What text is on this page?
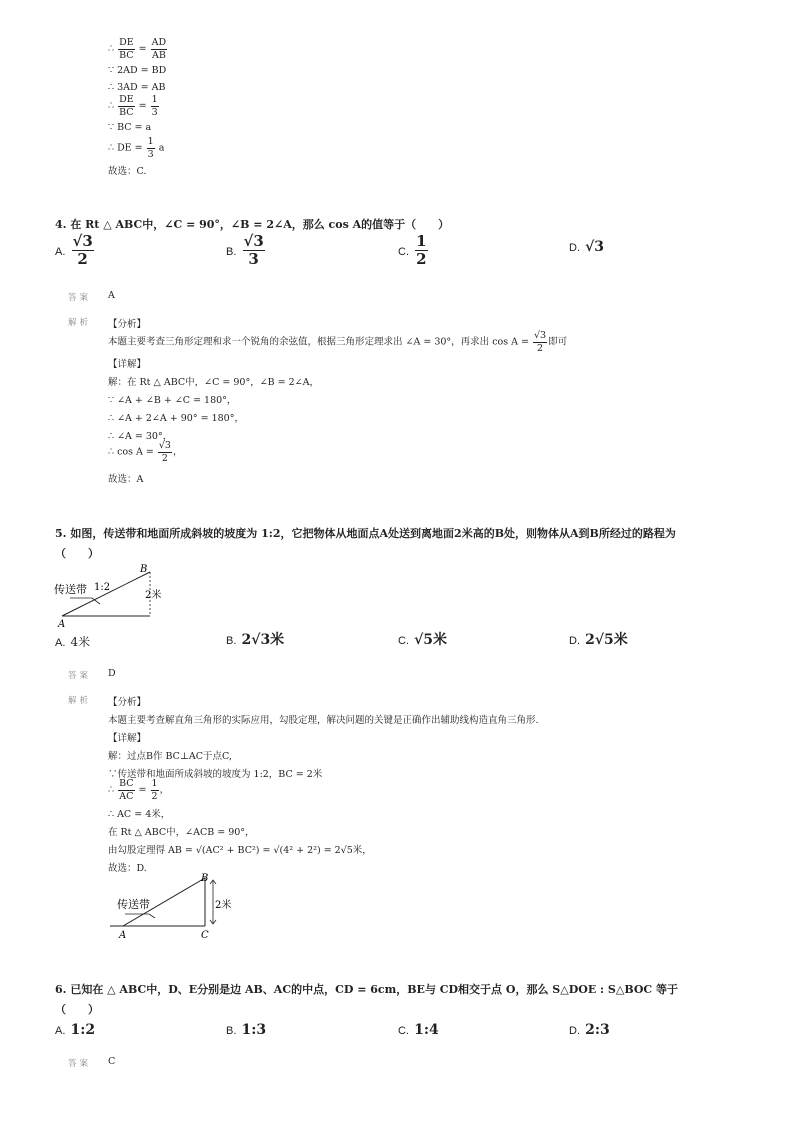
∴ $\frac{DE}{BC} = \frac{AD}{AB}$
∵ 2AD = BD
∴ 3AD = AB
∴ $\frac{DE}{BC} = \frac{1}{3}$
∵ BC = a
∴ DE = $\frac{1}{3}$ a
故选：C.
4. 在 Rt △ ABC中，∠C = 90°，∠B = 2∠A，那么 cos A的值等于（　　）
A. $\frac{√3}{2}$	B. $\frac{√3}{3}$	C. $\frac{1}{2}$	D. √3
答案 A
解析 【分析】
本题主要考查三角形定理和求一个锐角的余弦值，根据三角形定理求出 ∠A = 30°，再求出 $\cos A = \frac{√3}{2}$ 即可
【详解】
解：在 Rt △ ABC中，∠C = 90°，∠B = 2∠A，
∵ ∠A + ∠B + ∠C = 180°，
∴ ∠A + 2∠A + 90° = 180°，
∴ ∠A = 30°，
∴ $\cos A = \frac{√3}{2}$ ，
故选：A
5. 如图，传送带和地面所成斜坡的坡度为 1:2，它把物体从地面点A处送到离地面2米高的B处，则物体从A到B所经过的路程为
（　　）
传送带 1:2
B
A
2米
A. 4米	B. 2√3米	C. √5米	D. 2√5米
答案 D
解析 【分析】
本题主要考查解直角三角形的实际应用，勾股定理，解决问题的关键是正确作出辅助线构造直角三角形.
【详解】
解：过点B作 BC⊥AC于点C,
∵传送带和地面所成斜坡的坡度为 1:2，BC = 2米
∴ $\frac{BC}{AC} = \frac{1}{2}$ ，
∴ AC = 4米，
在 Rt △ ABC中，∠ACB = 90°，
由勾股定理得 AB = √(AC² + BC²) = √(4² + 2²) = 2√5米，
故选：D.
传送带
B
A	C
2米
6. 已知在 △ ABC中，D、E分别是边 AB、AC的中点，CD = 6cm，BE与 CD相交于点 O，那么 S△DOE : S△BOC 等于
（　　）
A. 1:2	B. 1:3	C. 1:4	D. 2:3
答案 C
